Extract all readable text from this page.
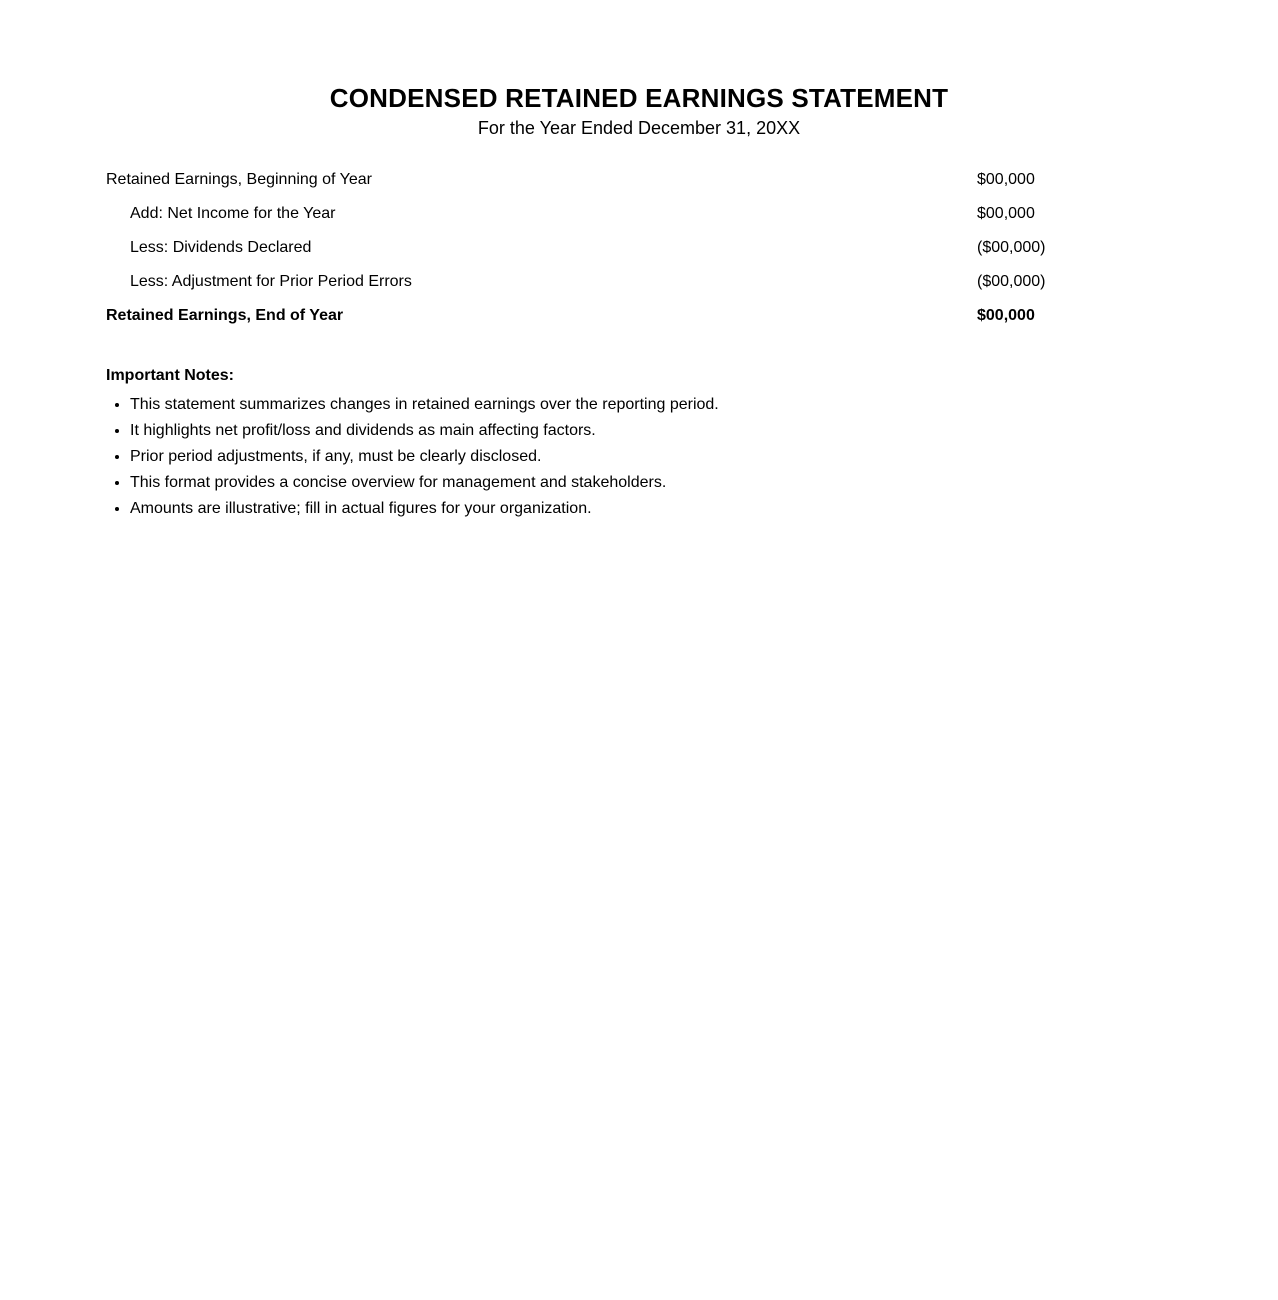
CONDENSED RETAINED EARNINGS STATEMENT

For the Year Ended December 31, 20XX

Retained Earnings, Beginning of Year	$00,000
Add: Net Income for the Year	$00,000
Less: Dividends Declared	($00,000)
Less: Adjustment for Prior Period Errors	($00,000)
Retained Earnings, End of Year	$00,000

Important Notes:

• This statement summarizes changes in retained earnings over the reporting period.
• It highlights net profit/loss and dividends as main affecting factors.
• Prior period adjustments, if any, must be clearly disclosed.
• This format provides a concise overview for management and stakeholders.
• Amounts are illustrative; fill in actual figures for your organization.
